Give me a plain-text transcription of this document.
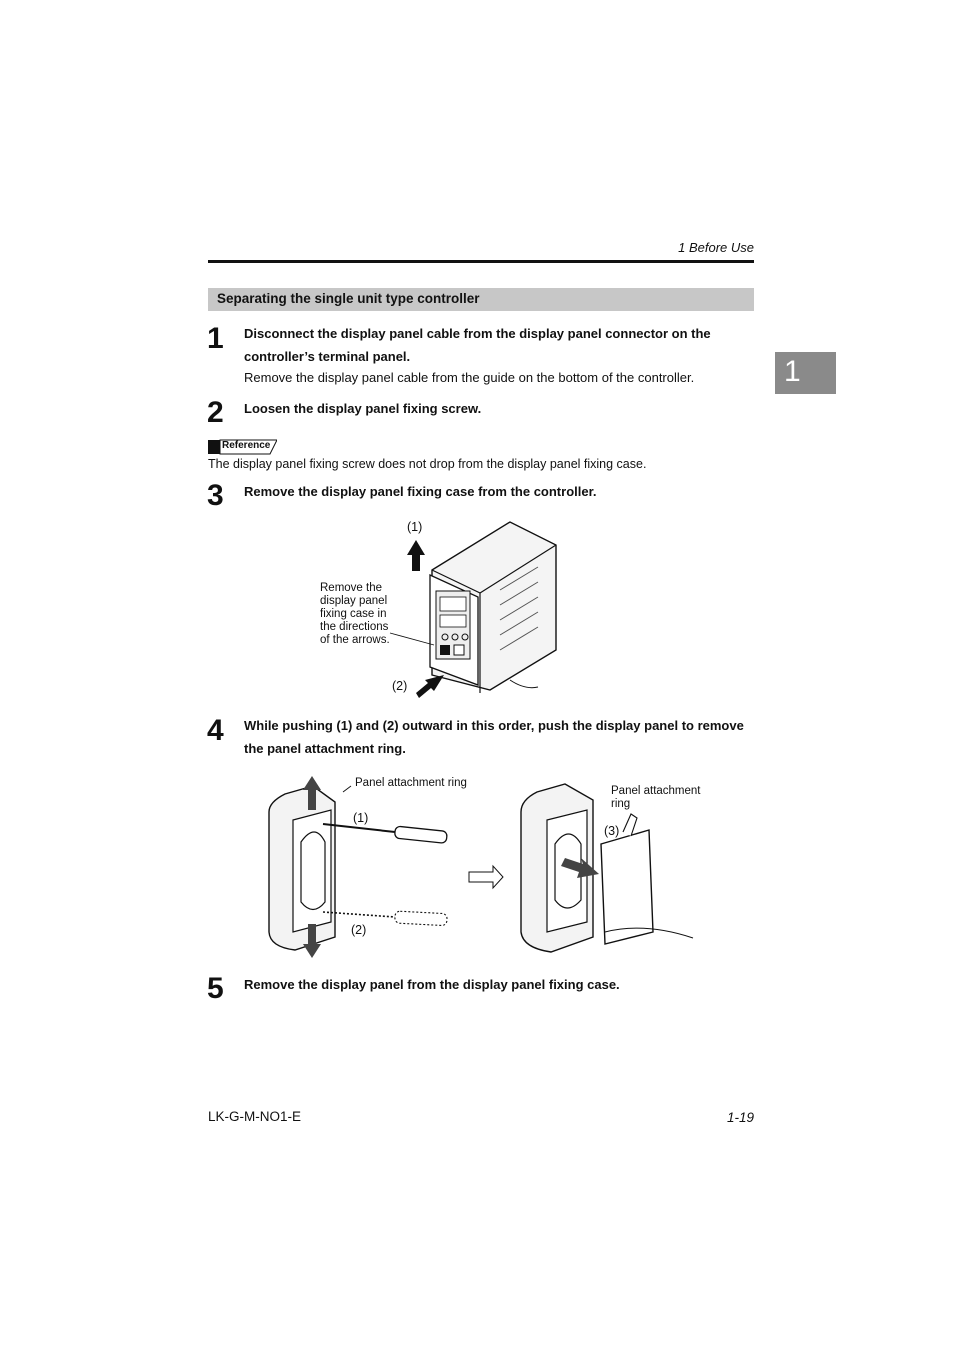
1 Before Use
Separating the single unit type controller
1
1 Disconnect the display panel cable from the display panel connector on the controller’s terminal panel.
Remove the display panel cable from the guide on the bottom of the controller.
2 Loosen the display panel fixing screw.
Reference
The display panel fixing screw does not drop from the display panel fixing case.
3 Remove the display panel fixing case from the controller.
(1)
(2)
Remove the display panel fixing case in the directions of the arrows.
4 While pushing (1) and (2) outward in this order, push the display panel to remove the panel attachment ring.
Panel attachment ring
Panel attachment ring
(1)
(2)
(3)
5 Remove the display panel from the display panel fixing case.
LK-G-M-NO1-E	1-19
